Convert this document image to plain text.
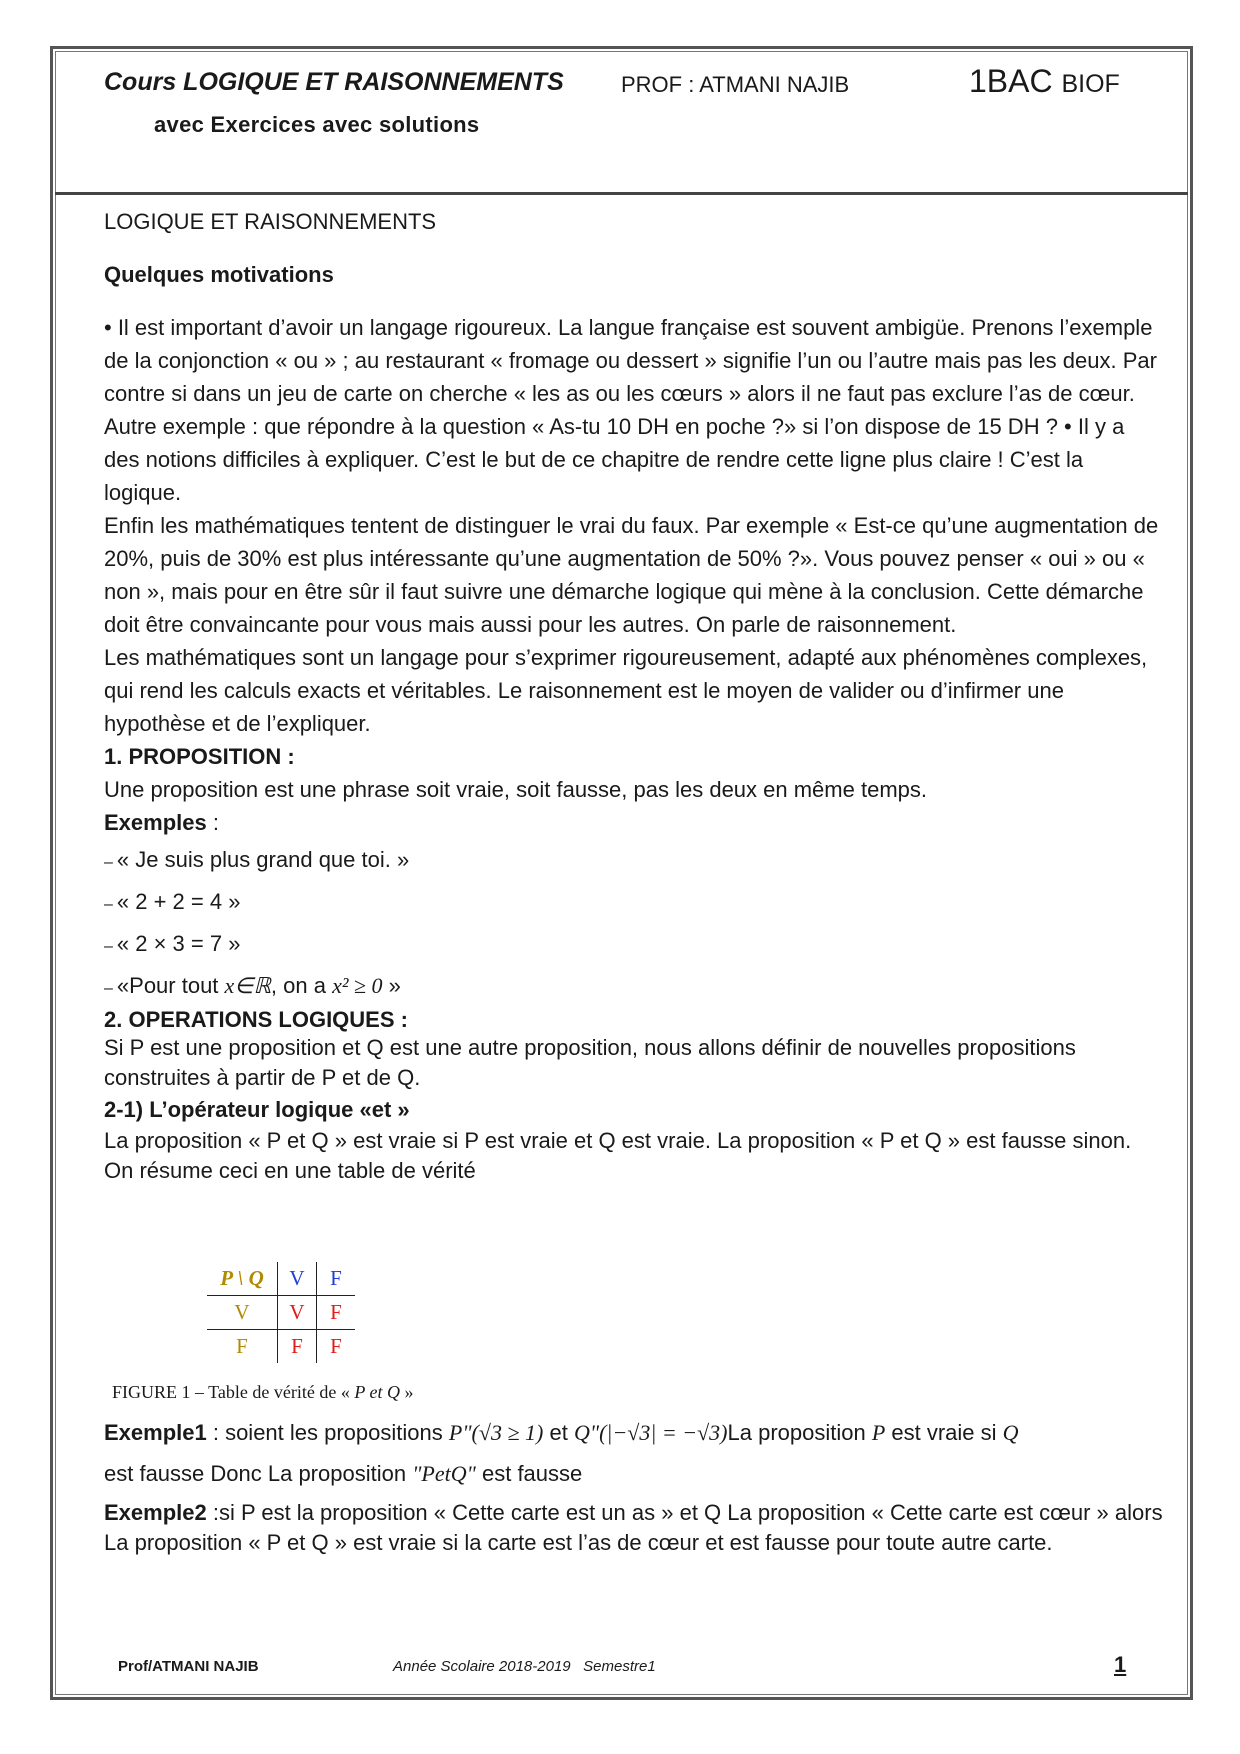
Cours LOGIQUE ET RAISONNEMENTS	PROF : ATMANI NAJIB	1BAC BIOF
avec Exercices avec solutions

LOGIQUE ET RAISONNEMENTS

Quelques motivations

• Il est important d’avoir un langage rigoureux. La langue française est souvent ambigüe. Prenons l’exemple de la conjonction « ou » ; au restaurant « fromage ou dessert » signifie l’un ou l’autre mais pas les deux. Par contre si dans un jeu de carte on cherche « les as ou les cœurs » alors il ne faut pas exclure l’as de cœur. Autre exemple : que répondre à la question « As-tu 10 DH en poche ?» si l’on dispose de 15 DH ? • Il y a des notions difficiles à expliquer. C’est le but de ce chapitre de rendre cette ligne plus claire ! C’est la logique.

Enfin les mathématiques tentent de distinguer le vrai du faux. Par exemple « Est-ce qu’une augmentation de 20%, puis de 30% est plus intéressante qu’une augmentation de 50% ?». Vous pouvez penser « oui » ou « non », mais pour en être sûr il faut suivre une démarche logique qui mène à la conclusion. Cette démarche doit être convaincante pour vous mais aussi pour les autres. On parle de raisonnement.

Les mathématiques sont un langage pour s’exprimer rigoureusement, adapté aux phénomènes complexes, qui rend les calculs exacts et véritables. Le raisonnement est le moyen de valider ou d’infirmer une hypothèse et de l’expliquer.

1. PROPOSITION :

Une proposition est une phrase soit vraie, soit fausse, pas les deux en même temps.

Exemples :

– « Je suis plus grand que toi. »
– « 2 + 2 = 4 »
– « 2 × 3 = 7 »
– «Pour tout x∈ℝ, on a x² ≥ 0 »

2. OPERATIONS LOGIQUES :

Si P est une proposition et Q est une autre proposition, nous allons définir de nouvelles propositions construites à partir de P et de Q.

2-1) L’opérateur logique «et »

La proposition « P et Q » est vraie si P est vraie et Q est vraie. La proposition « P et Q » est fausse sinon. On résume ceci en une table de vérité

P \ Q	V	F
V	V	F
F	F	F
FIGURE 1 – Table de vérité de « P et Q »

Exemple1 : soient les propositions P"(√3 ≥ 1) et Q"(|−√3| = −√3)La proposition P est vraie si Q

est fausse Donc La proposition "PetQ" est fausse

Exemple2 :si P est la proposition « Cette carte est un as » et Q La proposition « Cette carte est cœur » alors La proposition « P et Q » est vraie si la carte est l’as de cœur et est fausse pour toute autre carte.

Prof/ATMANI NAJIB	Année Scolaire 2018-2019   Semestre1	1
